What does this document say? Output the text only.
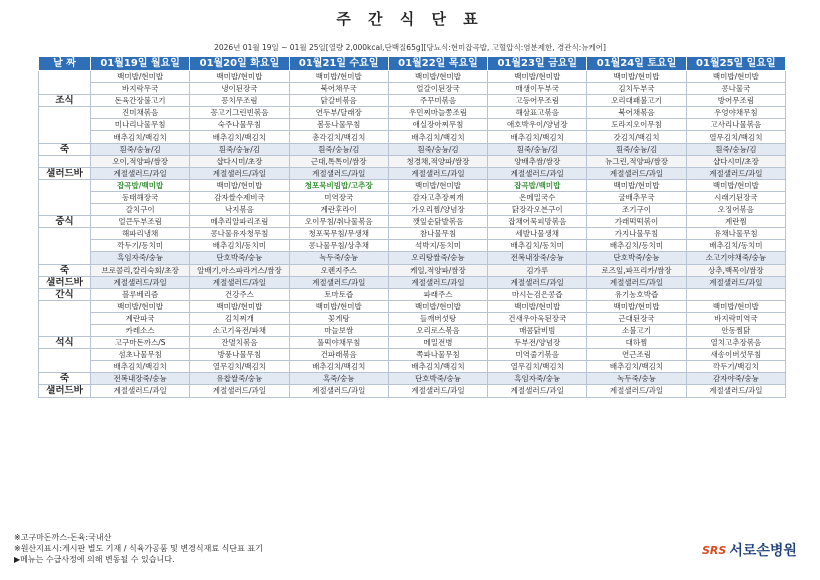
주 간 식 단 표
2026년 01월 19일 ~ 01월 25일[열량 2,000kcal,단백질65g][당뇨식:현미잡곡밥, 고혈압식:염분제한, 경관식:뉴케어]
날 짜	01월19일 월요일	01월20일 화요일	01월21일 수요일	01월22일 목요일	01월23일 금요일	01월24일 토요일	01월25일 일요일
	백미밥/현미밥	백미밥/현미밥	백미밥/현미밥	백미밥/현미밥	백미밥/현미밥	백미밥/현미밥	백미밥/현미밥
	바지락무국	냉이된장국	북어채무국	얼갈이된장국	매생이두부국	김치두부국	콩나물국
조식	돈육간장불고기	꽁치무조림	닭갈비볶음	주꾸미볶음	고등어무조림	오리대패불고기	방어무조림
	진미채볶음	꽁고기그린빈볶음	연두부/달래장	우민찌마늘쫑조림	해삼표고볶음	북어채볶음	우엉야채무침
	미나리나물무침	숙주나물무침	봄동나물무침	애실장아찌무침	애호박우이/양념장	도라지오이무침	고사리나물볶음
	배추김치/백김치	배추김치/백김치	총각김치/백김치	배추김치/백김치	배추김치/백김치	갓김치/백김치	열무김치/백김치
죽	흰죽/숭늉/김	흰죽/숭늉/김	흰죽/숭늉/김	흰죽/숭늉/김	흰죽/숭늉/김	흰죽/숭늉/김	흰죽/숭늉/김
	오이,적양파/쌈장	샵다시미/초장	근대,톡톡이/쌈장	청경채,적양파/쌈장	양배추쌈/쌈장	뉴그린,적양파/쌈장	샵다시미/초장
샐러드바	계절샐러드/과일	계절샐러드/과일	계절샐러드/과일	계절샐러드/과일	계절샐러드/과일	계절샐러드/과일	계절샐러드/과일
	잡곡밥/백미밥	백미밥/현미밥	청포묵비빔밥/고추장	백미밥/현미밥	잡곡밥/백미밥	백미밥/현미밥	백미밥/현미밥
	동태해장국	감자쌀수제비국	미역장국	감자고추장찌개	온메밀국수	굴배추무국	시래기된장국
	갈치구이	낙지볶음	계란후라이	가오리찜/양념장	닭장각오븐구이	조기구이	오징어볶음
중식	얼큰두부조림	메추리알파리조림	오이무침/취나물볶음	깻잎순닭발볶음	잡채어묵피망볶음	가래떡떡볶이	계란찜
	해파리냉채	콩나물유자청무침	청포묵무침/무생채	참나물무침	세발나물생채	가지나물무침	유채나물무침
	깍두기/동치미	배추김치/동치미	콩나물무침/상추채	석박지/동치미	배추김치/동치미	배추김치/동치미	배추김치/동치미
	흑임자죽/숭늉	단호박죽/숭늉	녹두죽/숭늉	오리탕쌀죽/숭늉	전복내장죽/숭늉	단호박죽/숭늉	소고기야채죽/숭늉
죽	브로콜리,칼리숙회/초장	알배기,아스파라거스/쌈장	오렌지주스	케일,적양파/쌈장	김가루	로즈잎,파프리카/쌈장	상추,백목이/쌈장
샐러드바	계절샐러드/과일	계절샐러드/과일	계절샐러드/과일	계절샐러드/과일	계절샐러드/과일	계절샐러드/과일	계절샐러드/과일
간식	블루베리즘	건강주스	토마토즙	파래주스	마시는검은콩즙	유기농호박즙	
	백미밥/현미밥	백미밥/현미밥	백미밥/현미밥	백미밥/현미밥	백미밥/현미밥	백미밥/현미밥	백미밥/현미밥
	계란파국	김치찌개	꽃게탕	들깨버섯탕	건새우아욱된장국	근대된장국	바지락미역국
	카레소스	소고기육전/파채	마늘보쌈	오리로스볶음	매콤닭비빔	소불고기	안동찜닭
석식	고구마돈까스/S	잔멸치볶음	풀떡야채무침	메밀전병	두부전/양념장	대하찜	열치고추장볶음
	섬초나물무침	방풍나물무침	건파래볶음	쪽파나물무침	미역줄기볶음	연근조림	새송이버섯무침
	배추김치/백김치	열무김치/백김치	배추김치/백김치	배추김치/백김치	열무김치/백김치	배추김치/백김치	깍두기/백김치
죽	전복내장죽/숭늉	유찹쌀죽/숭늉	흑죽/숭늉	단호박죽/숭늉	흑임자죽/숭늉	녹두죽/숭늉	감자야죽/숭늉
샐러드바	계절샐러드/과일	계절샐러드/과일	계절샐러드/과일	계절샐러드/과일	계절샐러드/과일	계절샐러드/과일	계절샐러드/과일
※고구마돈까스-돈육:국내산
※원산지표시:게시판 별도 기재 / 식육가공품 및 변경식재료 식단표 표기
▶메뉴는 수급사정에 의해 변동될 수 있습니다.
SRS 서로손병원
